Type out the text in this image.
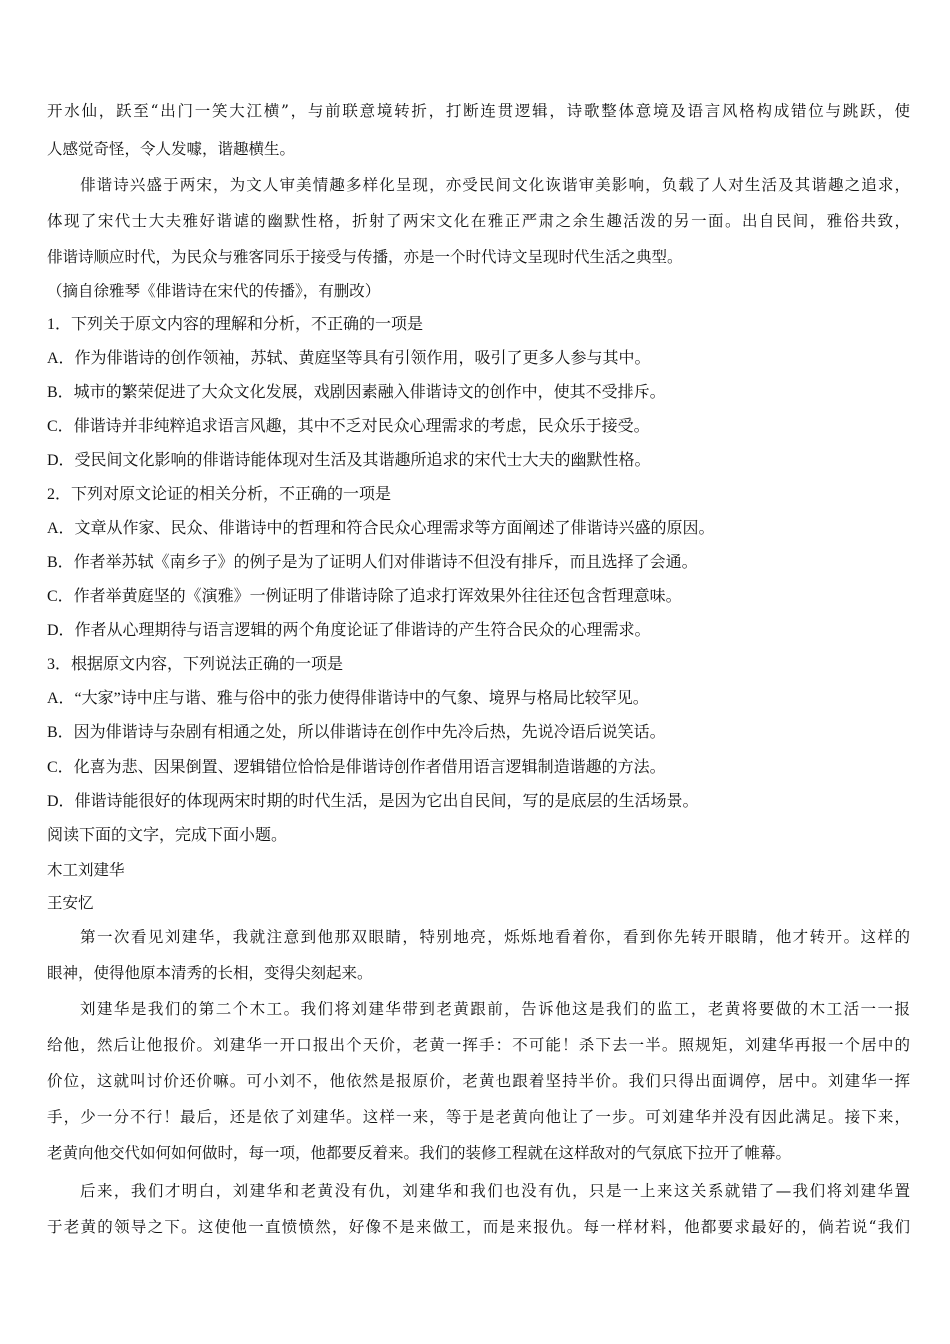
开水仙，跃至“出门一笑大江横”，与前联意境转折，打断连贯逻辑，诗歌整体意境及语言风格构成错位与跳跃，使
人感觉奇怪，令人发噱，谐趣横生。
俳谐诗兴盛于两宋，为文人审美情趣多样化呈现，亦受民间文化诙谐审美影响，负载了人对生活及其谐趣之追求，
体现了宋代士大夫雅好谐谑的幽默性格，折射了两宋文化在雅正严肃之余生趣活泼的另一面。出自民间，雅俗共致，
俳谐诗顺应时代，为民众与雅客同乐于接受与传播，亦是一个时代诗文呈现时代生活之典型。
（摘自徐雅琴《俳谐诗在宋代的传播》，有删改）
1．下列关于原文内容的理解和分析，不正确的一项是
A．作为俳谐诗的创作领袖，苏轼、黄庭坚等具有引领作用，吸引了更多人参与其中。
B．城市的繁荣促进了大众文化发展，戏剧因素融入俳谐诗文的创作中，使其不受排斥。
C．俳谐诗并非纯粹追求语言风趣，其中不乏对民众心理需求的考虑，民众乐于接受。
D．受民间文化影响的俳谐诗能体现对生活及其谐趣所追求的宋代士大夫的幽默性格。
2．下列对原文论证的相关分析，不正确的一项是
A．文章从作家、民众、俳谐诗中的哲理和符合民众心理需求等方面阐述了俳谐诗兴盛的原因。
B．作者举苏轼《南乡子》的例子是为了证明人们对俳谐诗不但没有排斥，而且选择了会通。
C．作者举黄庭坚的《演雅》一例证明了俳谐诗除了追求打诨效果外往往还包含哲理意味。
D．作者从心理期待与语言逻辑的两个角度论证了俳谐诗的产生符合民众的心理需求。
3．根据原文内容，下列说法正确的一项是
A．“大家”诗中庄与谐、雅与俗中的张力使得俳谐诗中的气象、境界与格局比较罕见。
B．因为俳谐诗与杂剧有相通之处，所以俳谐诗在创作中先冷后热，先说冷语后说笑话。
C．化喜为悲、因果倒置、逻辑错位恰恰是俳谐诗创作者借用语言逻辑制造谐趣的方法。
D．俳谐诗能很好的体现两宋时期的时代生活，是因为它出自民间，写的是底层的生活场景。
阅读下面的文字，完成下面小题。
木工刘建华
王安忆
第一次看见刘建华，我就注意到他那双眼睛，特别地亮，烁烁地看着你，看到你先转开眼睛，他才转开。这样的
眼神，使得他原本清秀的长相，变得尖刻起来。
刘建华是我们的第二个木工。我们将刘建华带到老黄跟前，告诉他这是我们的监工，老黄将要做的木工活一一报
给他，然后让他报价。刘建华一开口报出个天价，老黄一挥手：不可能！杀下去一半。照规矩，刘建华再报一个居中的
价位，这就叫讨价还价嘛。可小刘不，他依然是报原价，老黄也跟着坚持半价。我们只得出面调停，居中。刘建华一挥
手，少一分不行！最后，还是依了刘建华。这样一来，等于是老黄向他让了一步。可刘建华并没有因此满足。接下来，
老黄向他交代如何如何做时，每一项，他都要反着来。我们的装修工程就在这样敌对的气氛底下拉开了帷幕。
后来，我们才明白，刘建华和老黄没有仇，刘建华和我们也没有仇，只是一上来这关系就错了—我们将刘建华置
于老黄的领导之下。这使他一直愤愤然，好像不是来做工，而是来报仇。每一样材料，他都要求最好的，倘若说“我们
